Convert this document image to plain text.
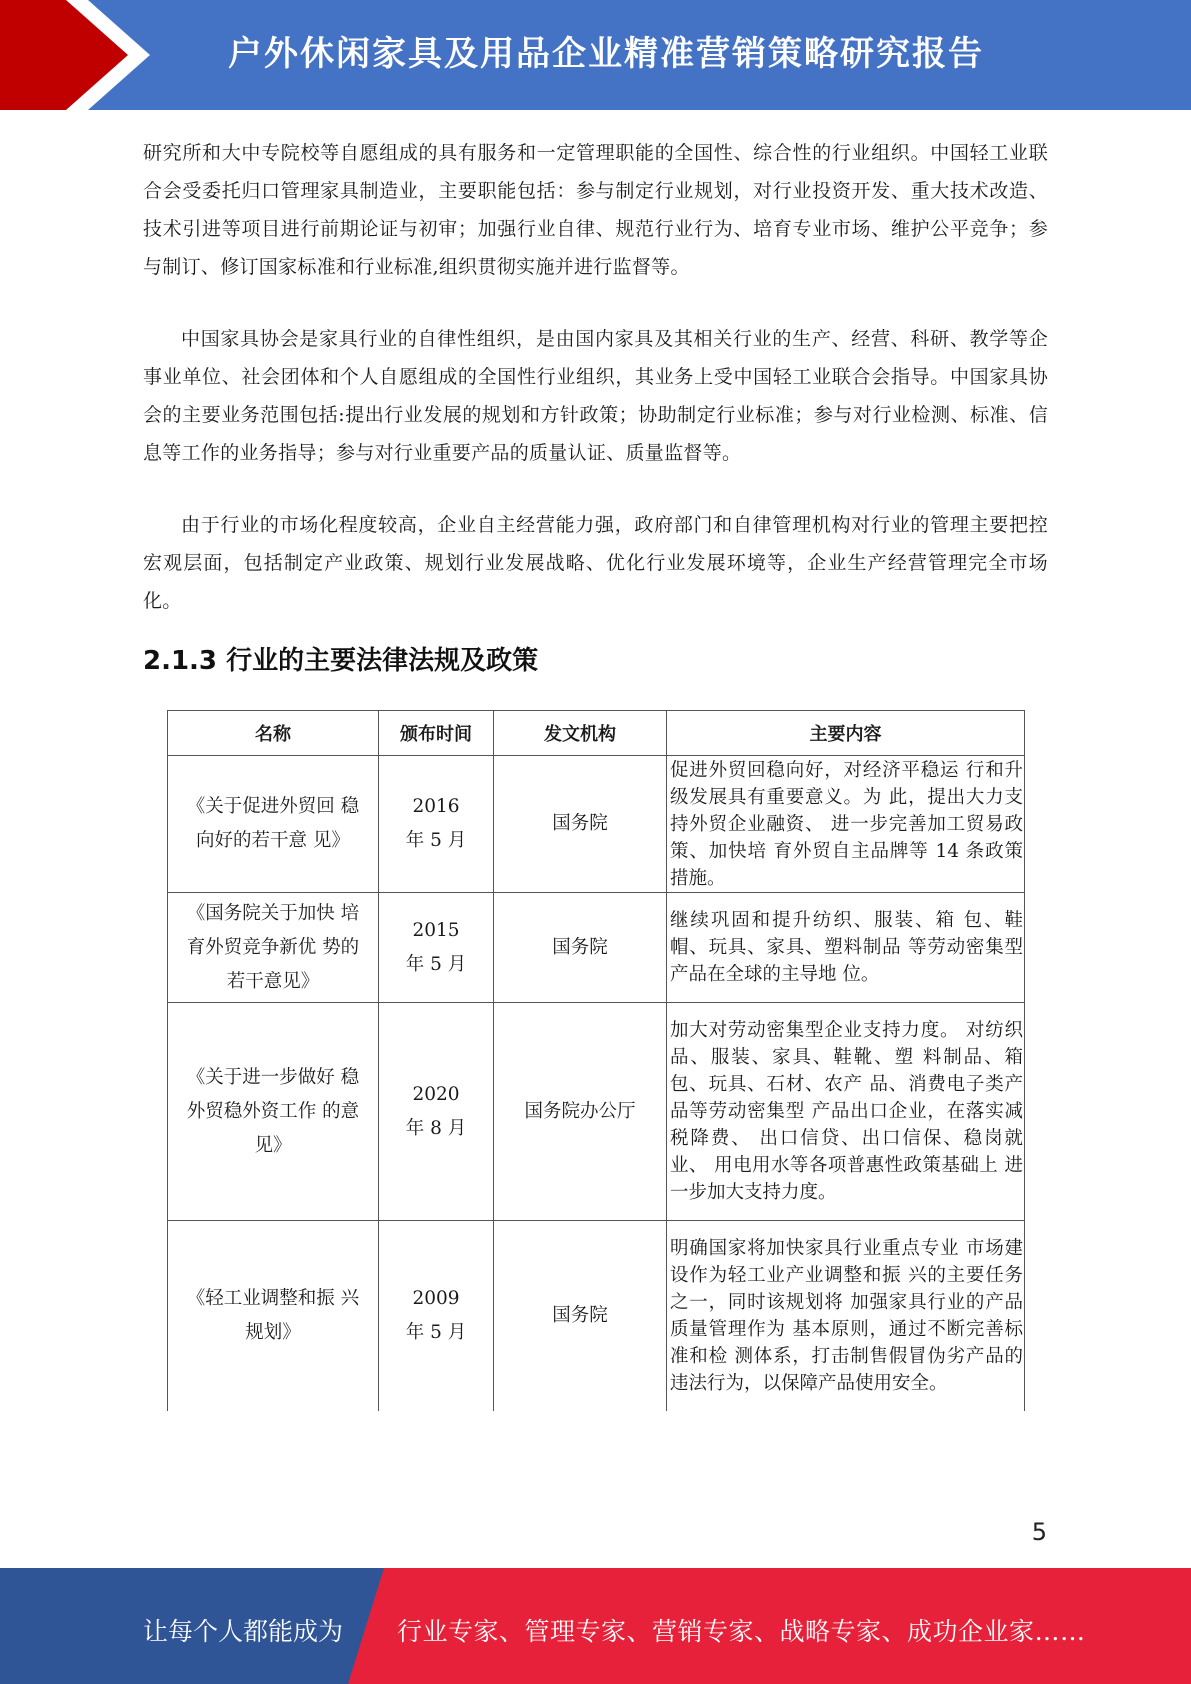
户外休闲家具及用品企业精准营销策略研究报告

研究所和大中专院校等自愿组成的具有服务和一定管理职能的全国性、综合性的行业组织。中国轻工业联合会受委托归口管理家具制造业，主要职能包括：参与制定行业规划，对行业投资开发、重大技术改造、技术引进等项目进行前期论证与初审；加强行业自律、规范行业行为、培育专业市场、维护公平竞争；参与制订、修订国家标准和行业标准,组织贯彻实施并进行监督等。

中国家具协会是家具行业的自律性组织，是由国内家具及其相关行业的生产、经营、科研、教学等企事业单位、社会团体和个人自愿组成的全国性行业组织，其业务上受中国轻工业联合会指导。中国家具协会的主要业务范围包括:提出行业发展的规划和方针政策；协助制定行业标准；参与对行业检测、标准、信息等工作的业务指导；参与对行业重要产品的质量认证、质量监督等。

由于行业的市场化程度较高，企业自主经营能力强，政府部门和自律管理机构对行业的管理主要把控宏观层面，包括制定产业政策、规划行业发展战略、优化行业发展环境等，企业生产经营管理完全市场化。

2.1.3 行业的主要法律法规及政策
名称	颁布时间	发文机构	主要内容
《关于促进外贸回 稳向好的若干意 见》	2016 年 5 月	国务院	促进外贸回稳向好，对经济平稳运 行和升级发展具有重要意义。为 此，提出大力支持外贸企业融资、 进一步完善加工贸易政策、加快培 育外贸自主品牌等 14 条政策措施。
《国务院关于加快 培育外贸竞争新优 势的若干意见》	2015 年 5 月	国务院	继续巩固和提升纺织、服装、箱 包、鞋帽、玩具、家具、塑料制品 等劳动密集型产品在全球的主导地 位。
《关于进一步做好 稳外贸稳外资工作 的意见》	2020 年 8 月	国务院办公厅	加大对劳动密集型企业支持力度。 对纺织品、服装、家具、鞋靴、塑 料制品、箱包、玩具、石材、农产 品、消费电子类产品等劳动密集型 产品出口企业，在落实减税降费、 出口信贷、出口信保、稳岗就业、 用电用水等各项普惠性政策基础上 进一步加大支持力度。
《轻工业调整和振 兴规划》	2009 年 5 月	国务院	明确国家将加快家具行业重点专业 市场建设作为轻工业产业调整和振 兴的主要任务之一，同时该规划将 加强家具行业的产品质量管理作为 基本原则，通过不断完善标准和检 测体系，打击制售假冒伪劣产品的 违法行为，以保障产品使用安全。
5
让每个人都能成为 行业专家、管理专家、营销专家、战略专家、成功企业家……
